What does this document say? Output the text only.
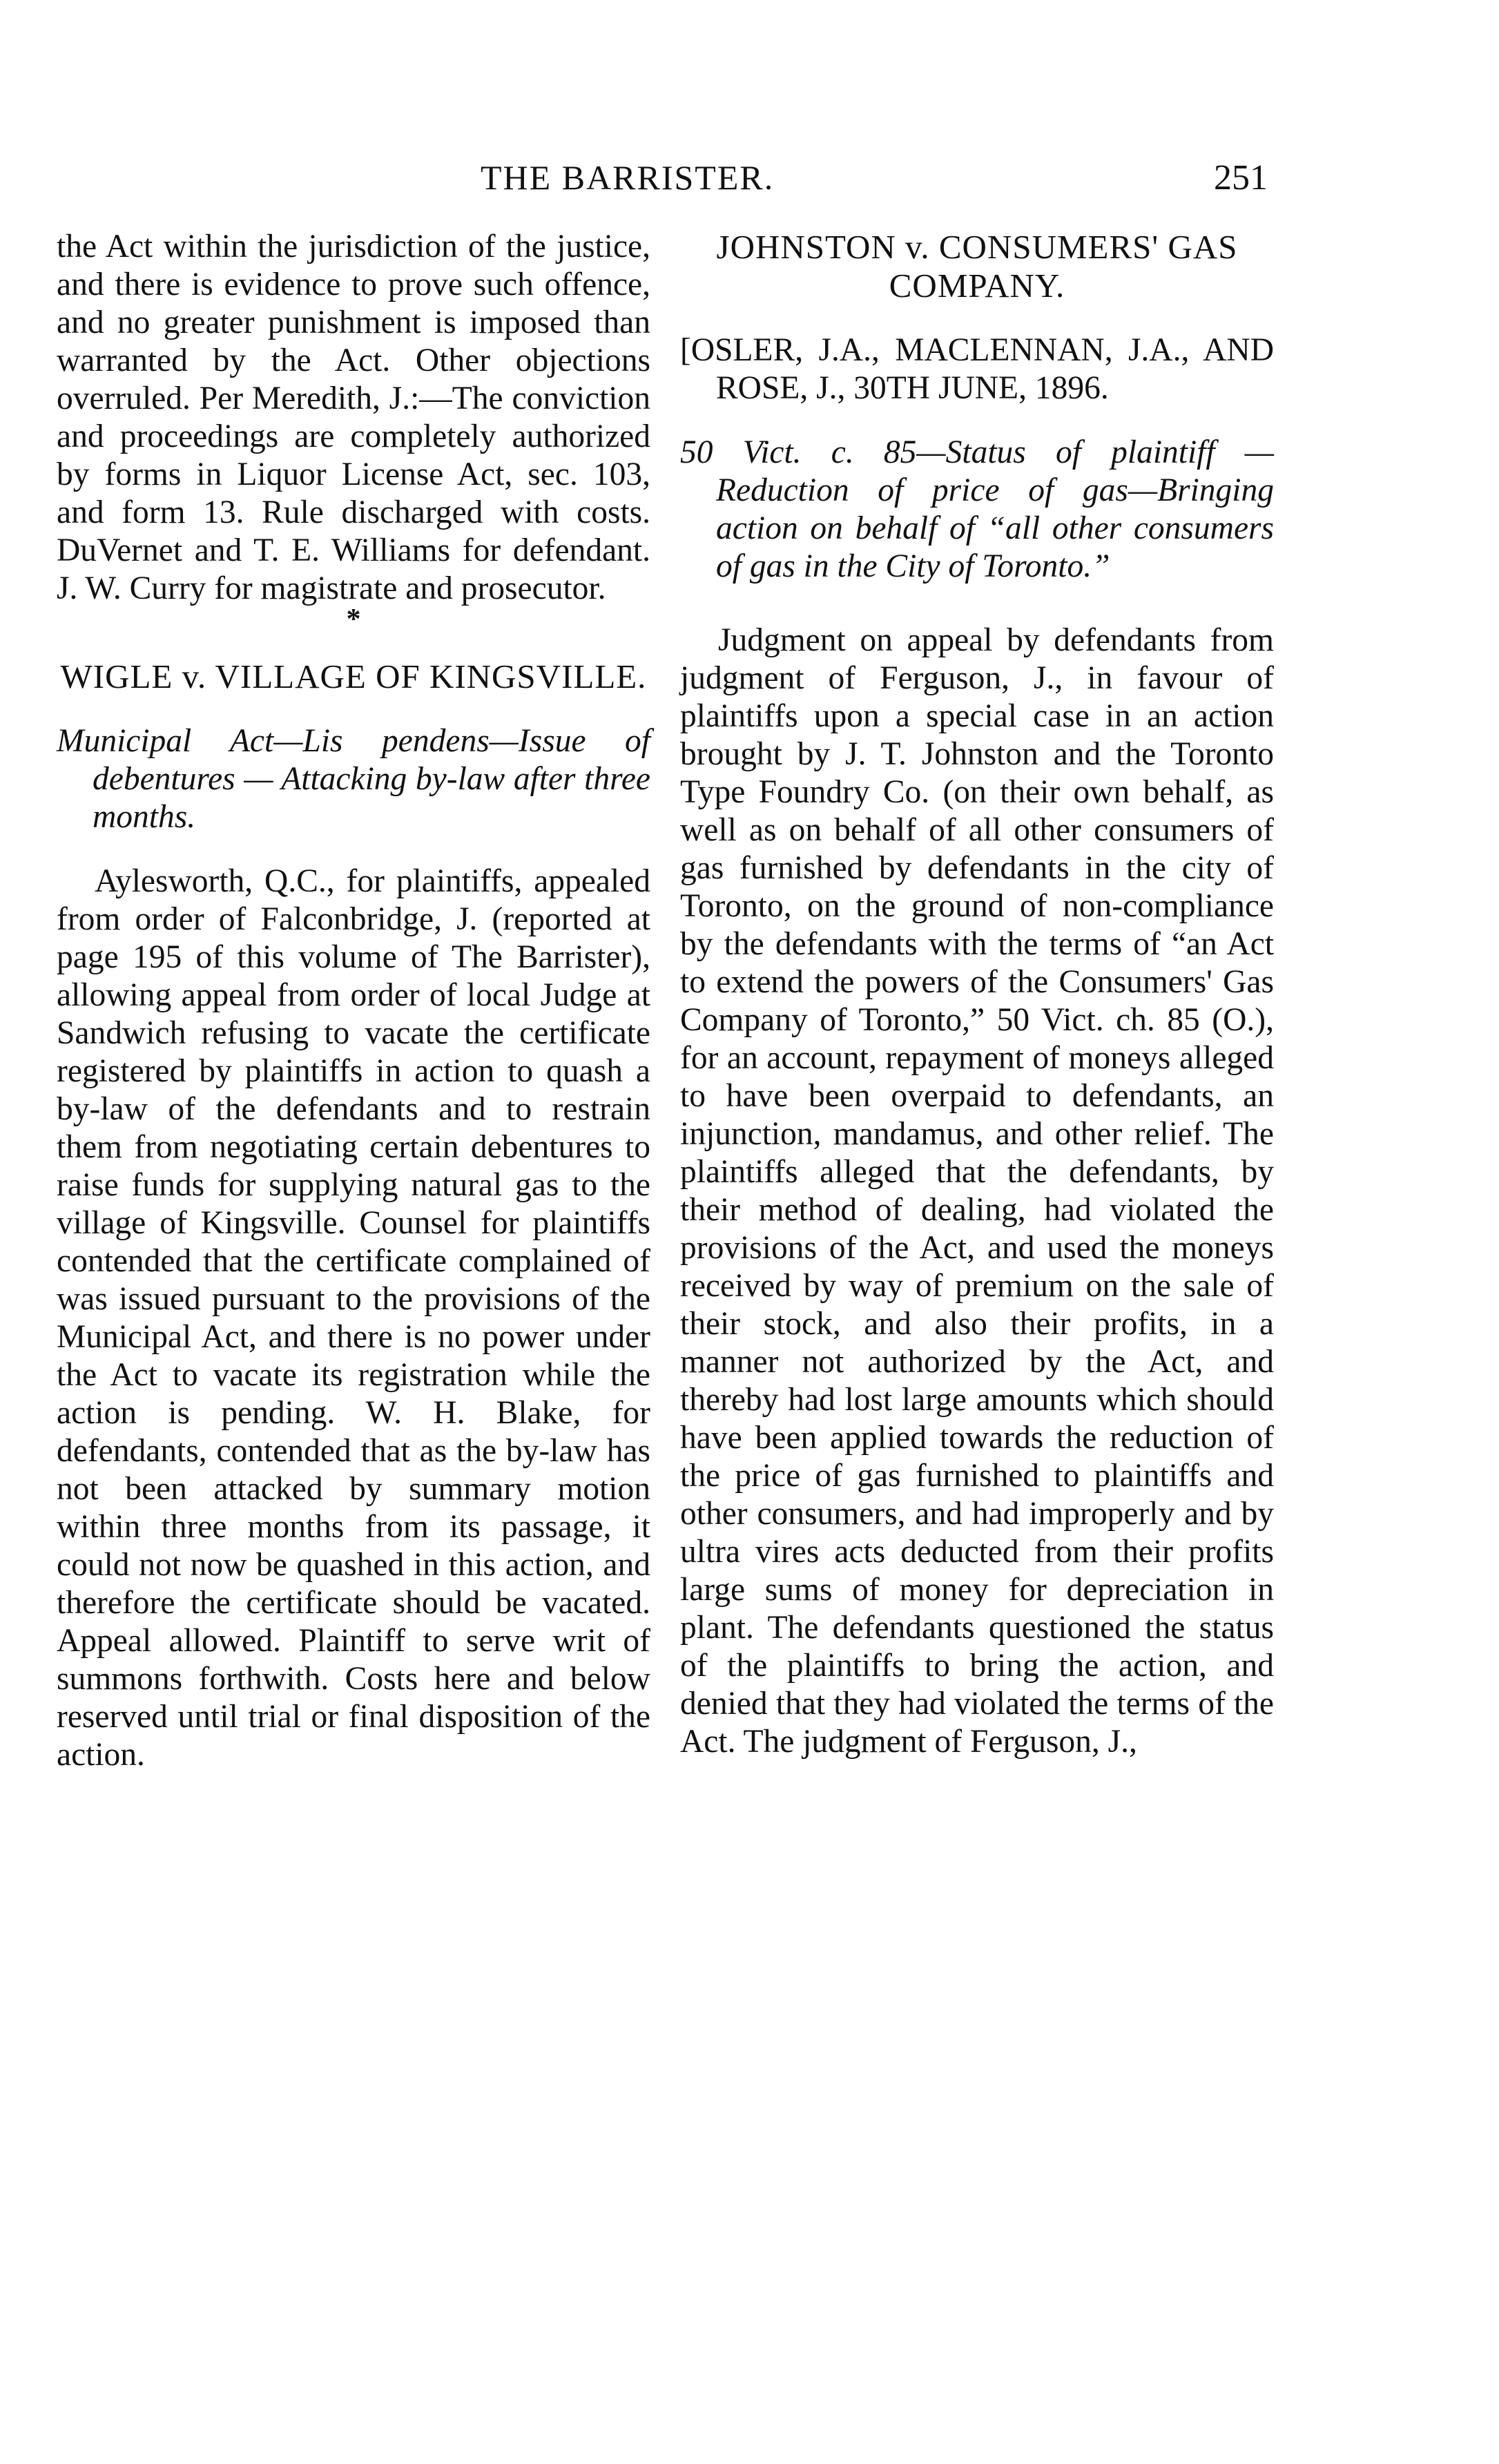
THE BARRISTER.	251

the Act within the jurisdiction of the justice, and there is evidence to prove such offence, and no greater punishment is imposed than warranted by the Act. Other objections overruled. Per Meredith, J.:—The conviction and proceedings are completely authorized by forms in Liquor License Act, sec. 103, and form 13. Rule discharged with costs. DuVernet and T. E. Williams for defendant. J. W. Curry for magistrate and prosecutor.

*

WIGLE v. VILLAGE OF KINGSVILLE.

Municipal Act—Lis pendens—Issue of debentures — Attacking by-law after three months.

Aylesworth, Q.C., for plaintiffs, appealed from order of Falconbridge, J. (reported at page 195 of this volume of The Barrister), allowing appeal from order of local Judge at Sandwich refusing to vacate the certificate registered by plaintiffs in action to quash a by-law of the defendants and to restrain them from negotiating certain debentures to raise funds for supplying natural gas to the village of Kingsville. Counsel for plaintiffs contended that the certificate complained of was issued pursuant to the provisions of the Municipal Act, and there is no power under the Act to vacate its registration while the action is pending. W. H. Blake, for defendants, contended that as the by-law has not been attacked by summary motion within three months from its passage, it could not now be quashed in this action, and therefore the certificate should be vacated. Appeal allowed. Plaintiff to serve writ of summons forthwith. Costs here and below reserved until trial or final disposition of the action.

JOHNSTON v. CONSUMERS' GAS COMPANY.

[OSLER, J.A., MACLENNAN, J.A., AND ROSE, J., 30TH JUNE, 1896.

50 Vict. c. 85—Status of plaintiff —Reduction of price of gas—Bringing action on behalf of “all other consumers of gas in the City of Toronto.”

Judgment on appeal by defendants from judgment of Ferguson, J., in favour of plaintiffs upon a special case in an action brought by J. T. Johnston and the Toronto Type Foundry Co. (on their own behalf, as well as on behalf of all other consumers of gas furnished by defendants in the city of Toronto, on the ground of non-compliance by the defendants with the terms of “an Act to extend the powers of the Consumers' Gas Company of Toronto,” 50 Vict. ch. 85 (O.), for an account, repayment of moneys alleged to have been overpaid to defendants, an injunction, mandamus, and other relief. The plaintiffs alleged that the defendants, by their method of dealing, had violated the provisions of the Act, and used the moneys received by way of premium on the sale of their stock, and also their profits, in a manner not authorized by the Act, and thereby had lost large amounts which should have been applied towards the reduction of the price of gas furnished to plaintiffs and other consumers, and had improperly and by ultra vires acts deducted from their profits large sums of money for depreciation in plant. The defendants questioned the status of the plaintiffs to bring the action, and denied that they had violated the terms of the Act. The judgment of Ferguson, J.,
